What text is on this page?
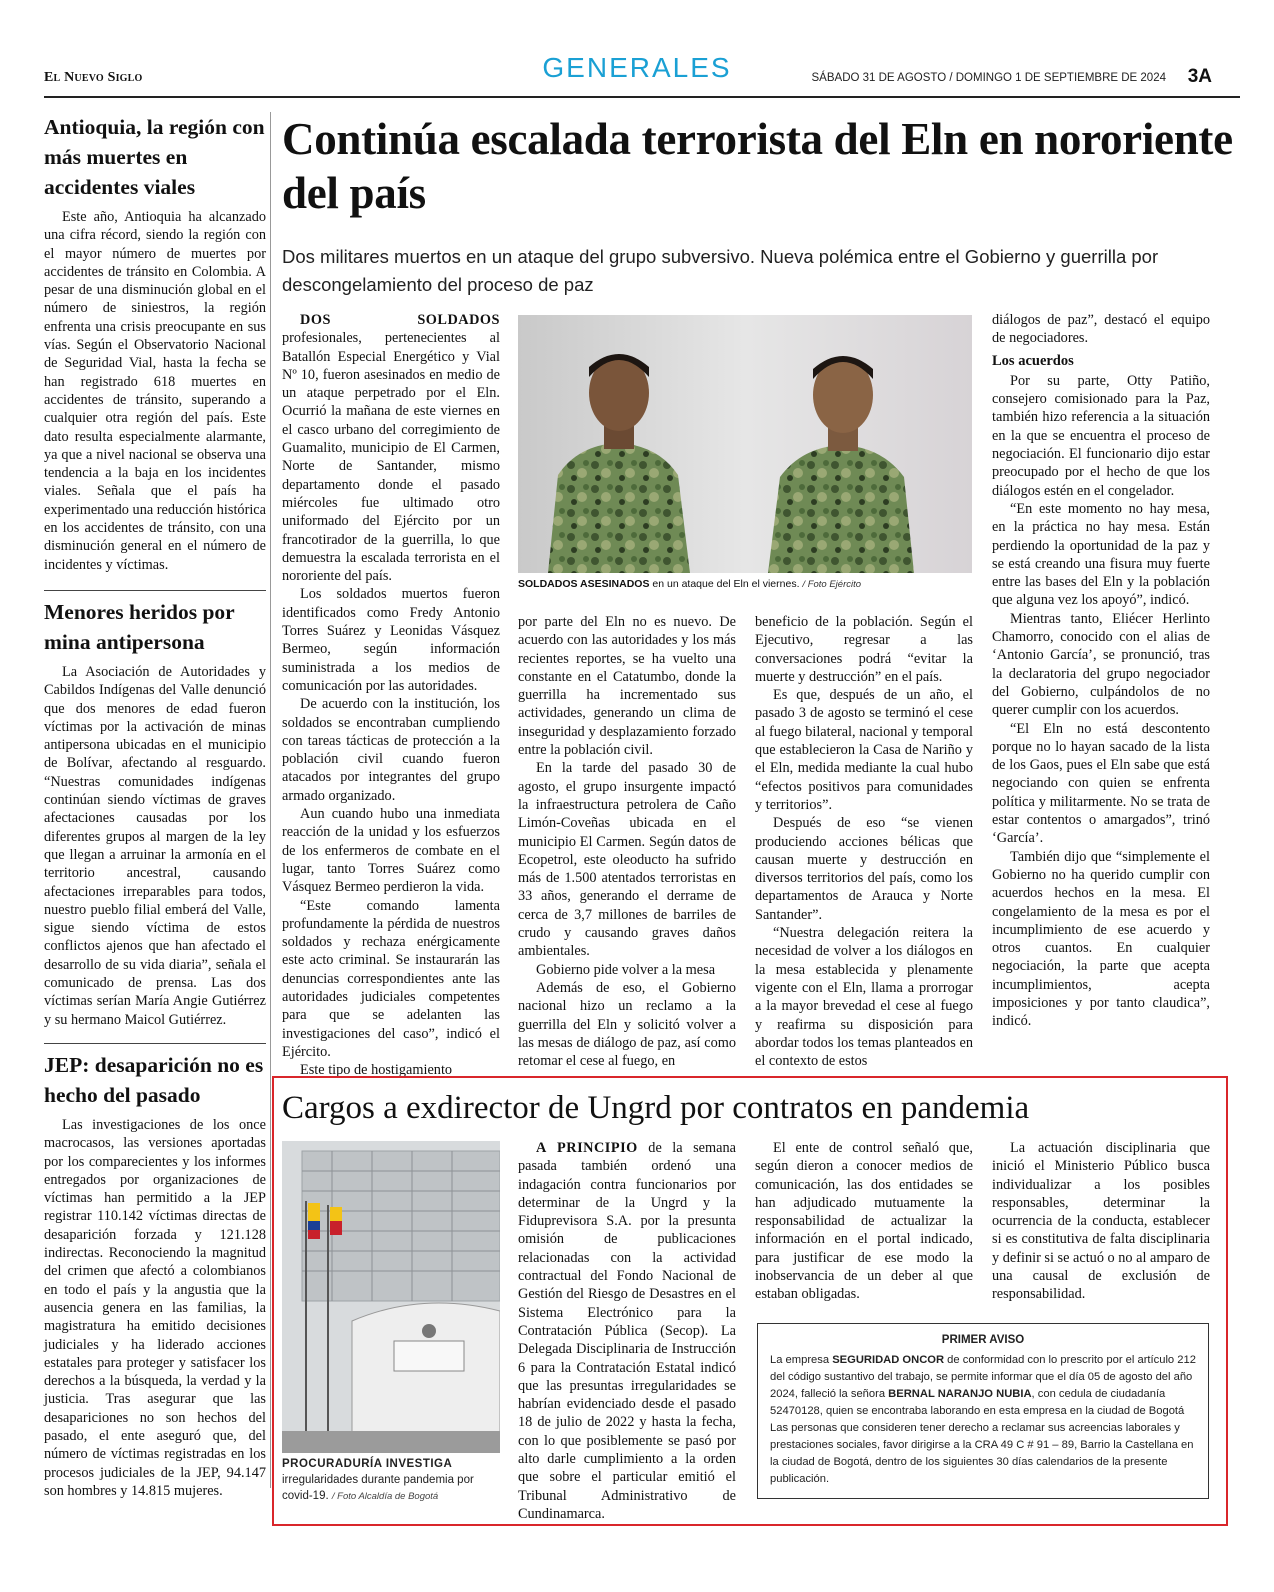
El Nuevo Siglo	GENERALES	SÁBADO 31 DE AGOSTO / DOMINGO 1 DE SEPTIEMBRE DE 2024 3A
Antioquia, la región con más muertes en accidentes viales

Este año, Antioquia ha alcanzado una cifra récord, siendo la región con el mayor número de muertes por accidentes de tránsito en Colombia. A pesar de una disminución global en el número de siniestros, la región enfrenta una crisis preocupante en sus vías. Según el Observatorio Nacional de Seguridad Vial, hasta la fecha se han registrado 618 muertes en accidentes de tránsito, superando a cualquier otra región del país. Este dato resulta especialmente alarmante, ya que a nivel nacional se observa una tendencia a la baja en los incidentes viales. Señala que el país ha experimentado una reducción histórica en los accidentes de tránsito, con una disminución general en el número de incidentes y víctimas.

Menores heridos por mina antipersona

La Asociación de Autoridades y Cabildos Indígenas del Valle denunció que dos menores de edad fueron víctimas por la activación de minas antipersona ubicadas en el municipio de Bolívar, afectando al resguardo. “Nuestras comunidades indígenas continúan siendo víctimas de graves afectaciones causadas por los diferentes grupos al margen de la ley que llegan a arruinar la armonía en el territorio ancestral, causando afectaciones irreparables para todos, nuestro pueblo filial emberá del Valle, sigue siendo víctima de estos conflictos ajenos que han afectado el desarrollo de su vida diaria”, señala el comunicado de prensa. Las dos víctimas serían María Angie Gutiérrez y su hermano Maicol Gutiérrez.

JEP: desaparición no es hecho del pasado

Las investigaciones de los once macrocasos, las versiones aportadas por los comparecientes y los informes entregados por organizaciones de víctimas han permitido a la JEP registrar 110.142 víctimas directas de desaparición forzada y 121.128 indirectas. Reconociendo la magnitud del crimen que afectó a colombianos en todo el país y la angustia que la ausencia genera en las familias, la magistratura ha emitido decisiones judiciales y ha liderado acciones estatales para proteger y satisfacer los derechos a la búsqueda, la verdad y la justicia. Tras asegurar que las desapariciones no son hechos del pasado, el ente aseguró que, del número de víctimas registradas en los procesos judiciales de la JEP, 94.147 son hombres y 14.815 mujeres.

Continúa escalada terrorista del Eln en nororiente del país
Dos militares muertos en un ataque del grupo subversivo. Nueva polémica entre el Gobierno y guerrilla por descongelamiento del proceso de paz

DOS SOLDADOS profesionales, pertenecientes al Batallón Especial Energético y Vial Nº 10, fueron asesinados en medio de un ataque perpetrado por el Eln. Ocurrió la mañana de este viernes en el casco urbano del corregimiento de Guamalito, municipio de El Carmen, Norte de Santander, mismo departamento donde el pasado miércoles fue ultimado otro uniformado del Ejército por un francotirador de la guerrilla, lo que demuestra la escalada terrorista en el nororiente del país.

Los soldados muertos fueron identificados como Fredy Antonio Torres Suárez y Leonidas Vásquez Bermeo, según información suministrada a los medios de comunicación por las autoridades.

De acuerdo con la institución, los soldados se encontraban cumpliendo con tareas tácticas de protección a la población civil cuando fueron atacados por integrantes del grupo armado organizado.

Aun cuando hubo una inmediata reacción de la unidad y los esfuerzos de los enfermeros de combate en el lugar, tanto Torres Suárez como Vásquez Bermeo perdieron la vida.

“Este comando lamenta profundamente la pérdida de nuestros soldados y rechaza enérgicamente este acto criminal. Se instaurarán las denuncias correspondientes ante las autoridades judiciales competentes para que se adelanten las investigaciones del caso”, indicó el Ejército.

Este tipo de hostigamiento

SOLDADOS ASESINADOS en un ataque del Eln el viernes. / Foto Ejército

por parte del Eln no es nuevo. De acuerdo con las autoridades y los más recientes reportes, se ha vuelto una constante en el Catatumbo, donde la guerrilla ha incrementado sus actividades, generando un clima de inseguridad y desplazamiento forzado entre la población civil.

En la tarde del pasado 30 de agosto, el grupo insurgente impactó la infraestructura petrolera de Caño Limón-Coveñas ubicada en el municipio El Carmen. Según datos de Ecopetrol, este oleoducto ha sufrido más de 1.500 atentados terroristas en 33 años, generando el derrame de cerca de 3,7 millones de barriles de crudo y causando graves daños ambientales.

Gobierno pide volver a la mesa

Además de eso, el Gobierno nacional hizo un reclamo a la guerrilla del Eln y solicitó volver a las mesas de diálogo de paz, así como retomar el cese al fuego, en

beneficio de la población. Según el Ejecutivo, regresar a las conversaciones podrá “evitar la muerte y destrucción” en el país.

Es que, después de un año, el pasado 3 de agosto se terminó el cese al fuego bilateral, nacional y temporal que establecieron la Casa de Nariño y el Eln, medida mediante la cual hubo “efectos positivos para comunidades y territorios”.

Después de eso “se vienen produciendo acciones bélicas que causan muerte y destrucción en diversos territorios del país, como los departamentos de Arauca y Norte Santander”.

“Nuestra delegación reitera la necesidad de volver a los diálogos en la mesa establecida y plenamente vigente con el Eln, llama a prorrogar a la mayor brevedad el cese al fuego y reafirma su disposición para abordar todos los temas planteados en el contexto de estos

diálogos de paz”, destacó el equipo de negociadores.

Los acuerdos

Por su parte, Otty Patiño, consejero comisionado para la Paz, también hizo referencia a la situación en la que se encuentra el proceso de negociación. El funcionario dijo estar preocupado por el hecho de que los diálogos estén en el congelador.

“En este momento no hay mesa, en la práctica no hay mesa. Están perdiendo la oportunidad de la paz y se está creando una fisura muy fuerte entre las bases del Eln y la población que alguna vez los apoyó”, indicó.

Mientras tanto, Eliécer Herlinto Chamorro, conocido con el alias de ‘Antonio García’, se pronunció, tras la declaratoria del grupo negociador del Gobierno, culpándolos de no querer cumplir con los acuerdos.

“El Eln no está descontento porque no lo hayan sacado de la lista de los Gaos, pues el Eln sabe que está negociando con quien se enfrenta política y militarmente. No se trata de estar contentos o amargados”, trinó ‘García’.

También dijo que “simplemente el Gobierno no ha querido cumplir con acuerdos hechos en la mesa. El congelamiento de la mesa es por el incumplimiento de ese acuerdo y otros cuantos. En cualquier negociación, la parte que acepta incumplimientos, acepta imposiciones y por tanto claudica”, indicó.

Cargos a exdirector de Ungrd por contratos en pandemia
PROCURADURÍA INVESTIGA
irregularidades durante pandemia por covid-19. / Foto Alcaldía de Bogotá

A PRINCIPIO de la semana pasada también ordenó una indagación contra funcionarios por determinar de la Ungrd y la Fiduprevisora S.A. por la presunta omisión de publicaciones relacionadas con la actividad contractual del Fondo Nacional de Gestión del Riesgo de Desastres en el Sistema Electrónico para la Contratación Pública (Secop). La Delegada Disciplinaria de Instrucción 6 para la Contratación Estatal indicó que las presuntas irregularidades se habrían evidenciado desde el pasado 18 de julio de 2022 y hasta la fecha, con lo que posiblemente se pasó por alto darle cumplimiento a la orden que sobre el particular emitió el Tribunal Administrativo de Cundinamarca.

El ente de control señaló que, según dieron a conocer medios de comunicación, las dos entidades se han adjudicado mutuamente la responsabilidad de actualizar la información en el portal indicado, para justificar de ese modo la inobservancia de un deber al que estaban obligadas.

La actuación disciplinaria que inició el Ministerio Público busca individualizar a los posibles responsables, determinar la ocurrencia de la conducta, establecer si es constitutiva de falta disciplinaria y definir si se actuó o no al amparo de una causal de exclusión de responsabilidad.

PRIMER AVISO
La empresa SEGURIDAD ONCOR de conformidad con lo prescrito por el artículo 212 del código sustantivo del trabajo, se permite informar que el día 05 de agosto del año 2024, falleció la señora BERNAL NARANJO NUBIA, con cedula de ciudadanía 52470128, quien se encontraba laborando en esta empresa en la ciudad de Bogotá Las personas que consideren tener derecho a reclamar sus acreencias laborales y prestaciones sociales, favor dirigirse a la CRA 49 C # 91 – 89, Barrio la Castellana en la ciudad de Bogotá, dentro de los siguientes 30 días calendarios de la presente publicación.
